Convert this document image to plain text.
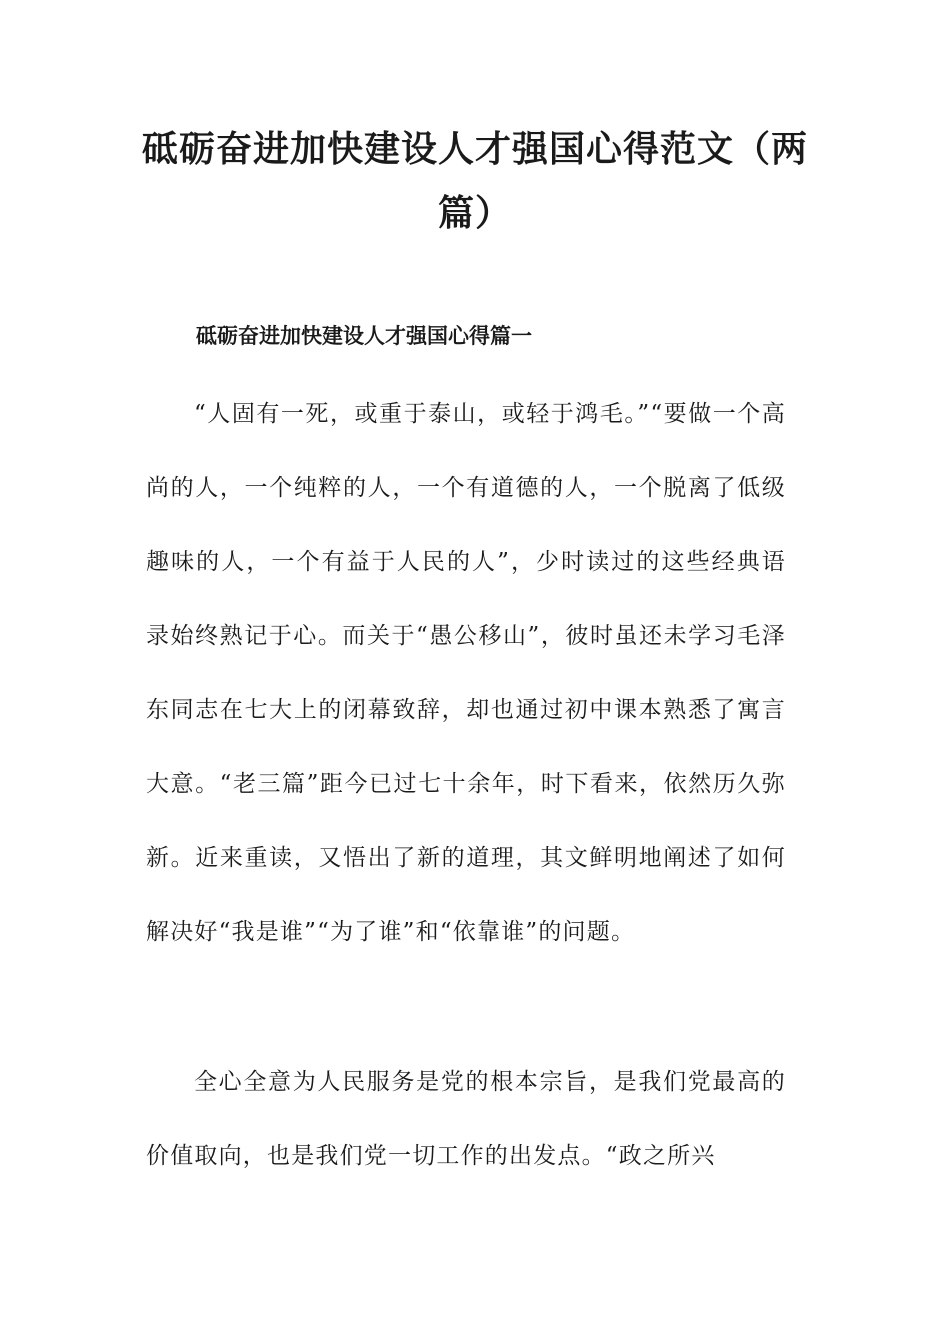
砥砺奋进加快建设人才强国心得范文（两篇）
砥砺奋进加快建设人才强国心得篇一

“人固有一死，或重于泰山，或轻于鸿毛。”“要做一个高尚的人，一个纯粹的人，一个有道德的人，一个脱离了低级趣味的人，一个有益于人民的人”，少时读过的这些经典语录始终熟记于心。而关于“愚公移山”，彼时虽还未学习毛泽东同志在七大上的闭幕致辞，却也通过初中课本熟悉了寓言大意。“老三篇”距今已过七十余年，时下看来，依然历久弥新。近来重读，又悟出了新的道理，其文鲜明地阐述了如何解决好“我是谁”“为了谁”和“依靠谁”的问题。

全心全意为人民服务是党的根本宗旨，是我们党最高的价值取向，也是我们党一切工作的出发点。“政之所兴
